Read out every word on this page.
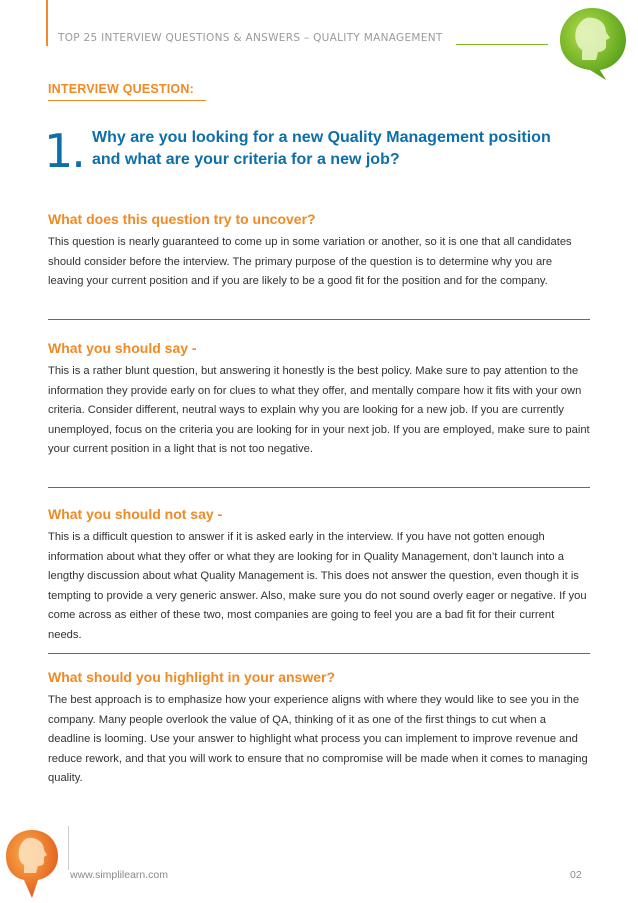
TOP 25 INTERVIEW QUESTIONS & ANSWERS – QUALITY MANAGEMENT
INTERVIEW QUESTION:
1. Why are you looking for a new Quality Management position and what are your criteria for a new job?
What does this question try to uncover?

This question is nearly guaranteed to come up in some variation or another, so it is one that all candidates should consider before the interview. The primary purpose of the question is to determine why you are leaving your current position and if you are likely to be a good fit for the position and for the company.

What you should say -

This is a rather blunt question, but answering it honestly is the best policy. Make sure to pay attention to the information they provide early on for clues to what they offer, and mentally compare how it fits with your own criteria. Consider different, neutral ways to explain why you are looking for a new job. If you are currently unemployed, focus on the criteria you are looking for in your next job. If you are employed, make sure to paint your current position in a light that is not too negative.

What you should not say -

This is a difficult question to answer if it is asked early in the interview. If you have not gotten enough information about what they offer or what they are looking for in Quality Management, don’t launch into a lengthy discussion about what Quality Management is. This does not answer the question, even though it is tempting to provide a very generic answer. Also, make sure you do not sound overly eager or negative. If you come across as either of these two, most companies are going to feel you are a bad fit for their current needs.

What should you highlight in your answer?

The best approach is to emphasize how your experience aligns with where they would like to see you in the company. Many people overlook the value of QA, thinking of it as one of the first things to cut when a deadline is looming. Use your answer to highlight what process you can implement to improve revenue and reduce rework, and that you will work to ensure that no compromise will be made when it comes to managing quality.

www.simplilearn.com	02
